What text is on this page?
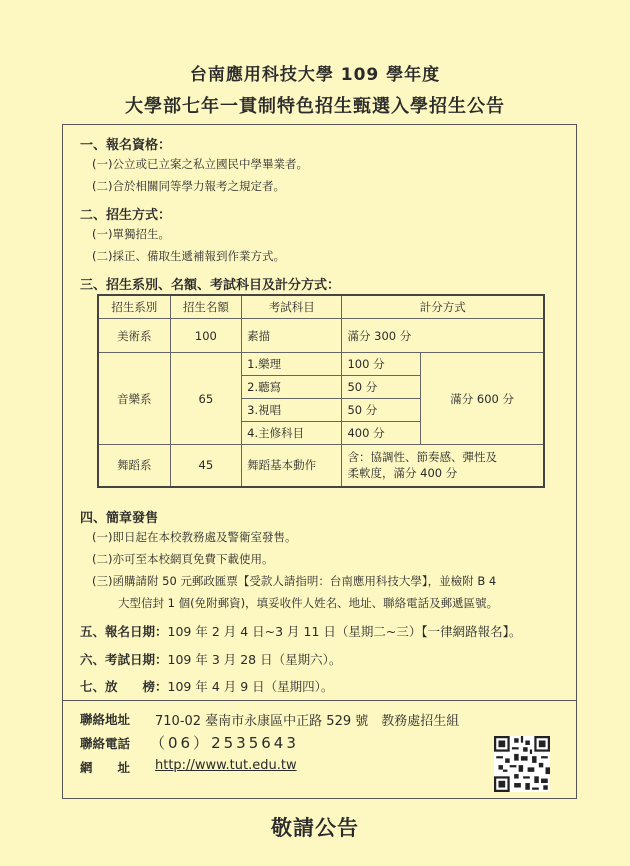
台南應用科技大學 109 學年度
大學部七年一貫制特色招生甄選入學招生公告
一、報名資格：
(一)公立或已立案之私立國民中學畢業者。
(二)合於相關同等學力報考之規定者。
二、招生方式：
(一)單獨招生。
(二)採正、備取生遞補報到作業方式。
三、招生系別、名額、考試科目及計分方式：
招生系別	招生名額	考試科目	計分方式	
美術系	100	素描	滿分 300 分	
音樂系	65	1.樂理	100 分	滿分 600 分
		2.聽寫	50 分	
		3.視唱	50 分	
		4.主修科目	400 分	
舞蹈系	45	舞蹈基本動作	含：協調性、節奏感、彈性及
柔軟度，滿分 400 分	
四、簡章發售
(一)即日起在本校教務處及警衛室發售。
(二)亦可至本校網頁免費下載使用。
(三)函購請附 50 元郵政匯票【受款人請指明：台南應用科技大學】，並檢附 B 4
大型信封 1 個(免附郵資)，填妥收件人姓名、地址、聯絡電話及郵遞區號。
五、報名日期：109 年 2 月 4 日~3 月 11 日（星期二~三）【一律網路報名】。
六、考試日期：109 年 3 月 28 日（星期六）。
七、放　　榜：109 年 4 月 9 日（星期四）。
聯絡地址 710-02 臺南市永康區中正路 529 號　教務處招生組
聯絡電話 （06）2535643
網　　址 http://www.tut.edu.tw
敬請公告
